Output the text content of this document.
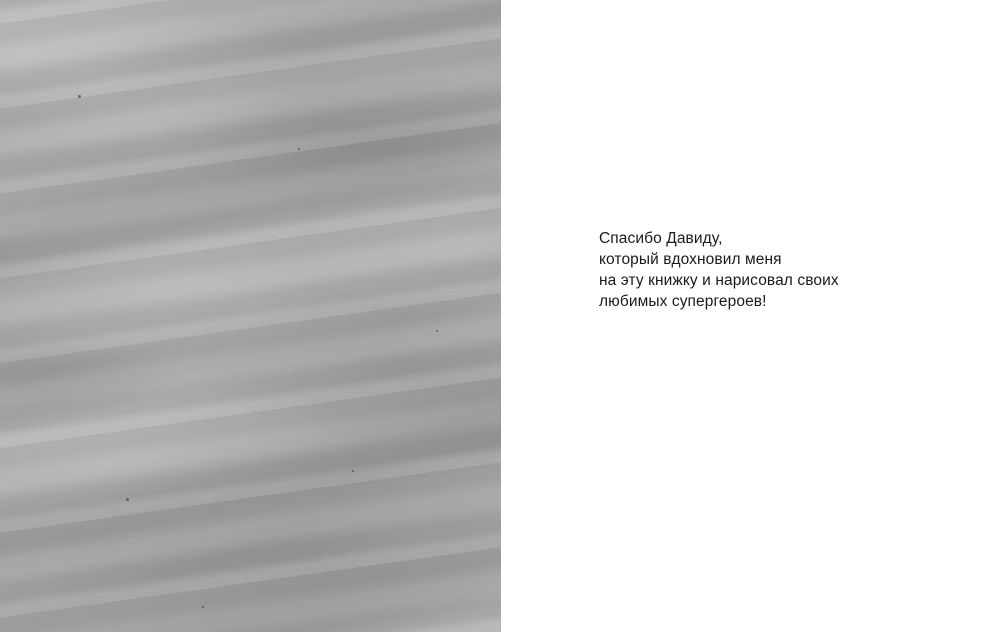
Спасибо Давиду,
который вдохновил меня
на эту книжку и нарисовал своих
любимых супергероев!
